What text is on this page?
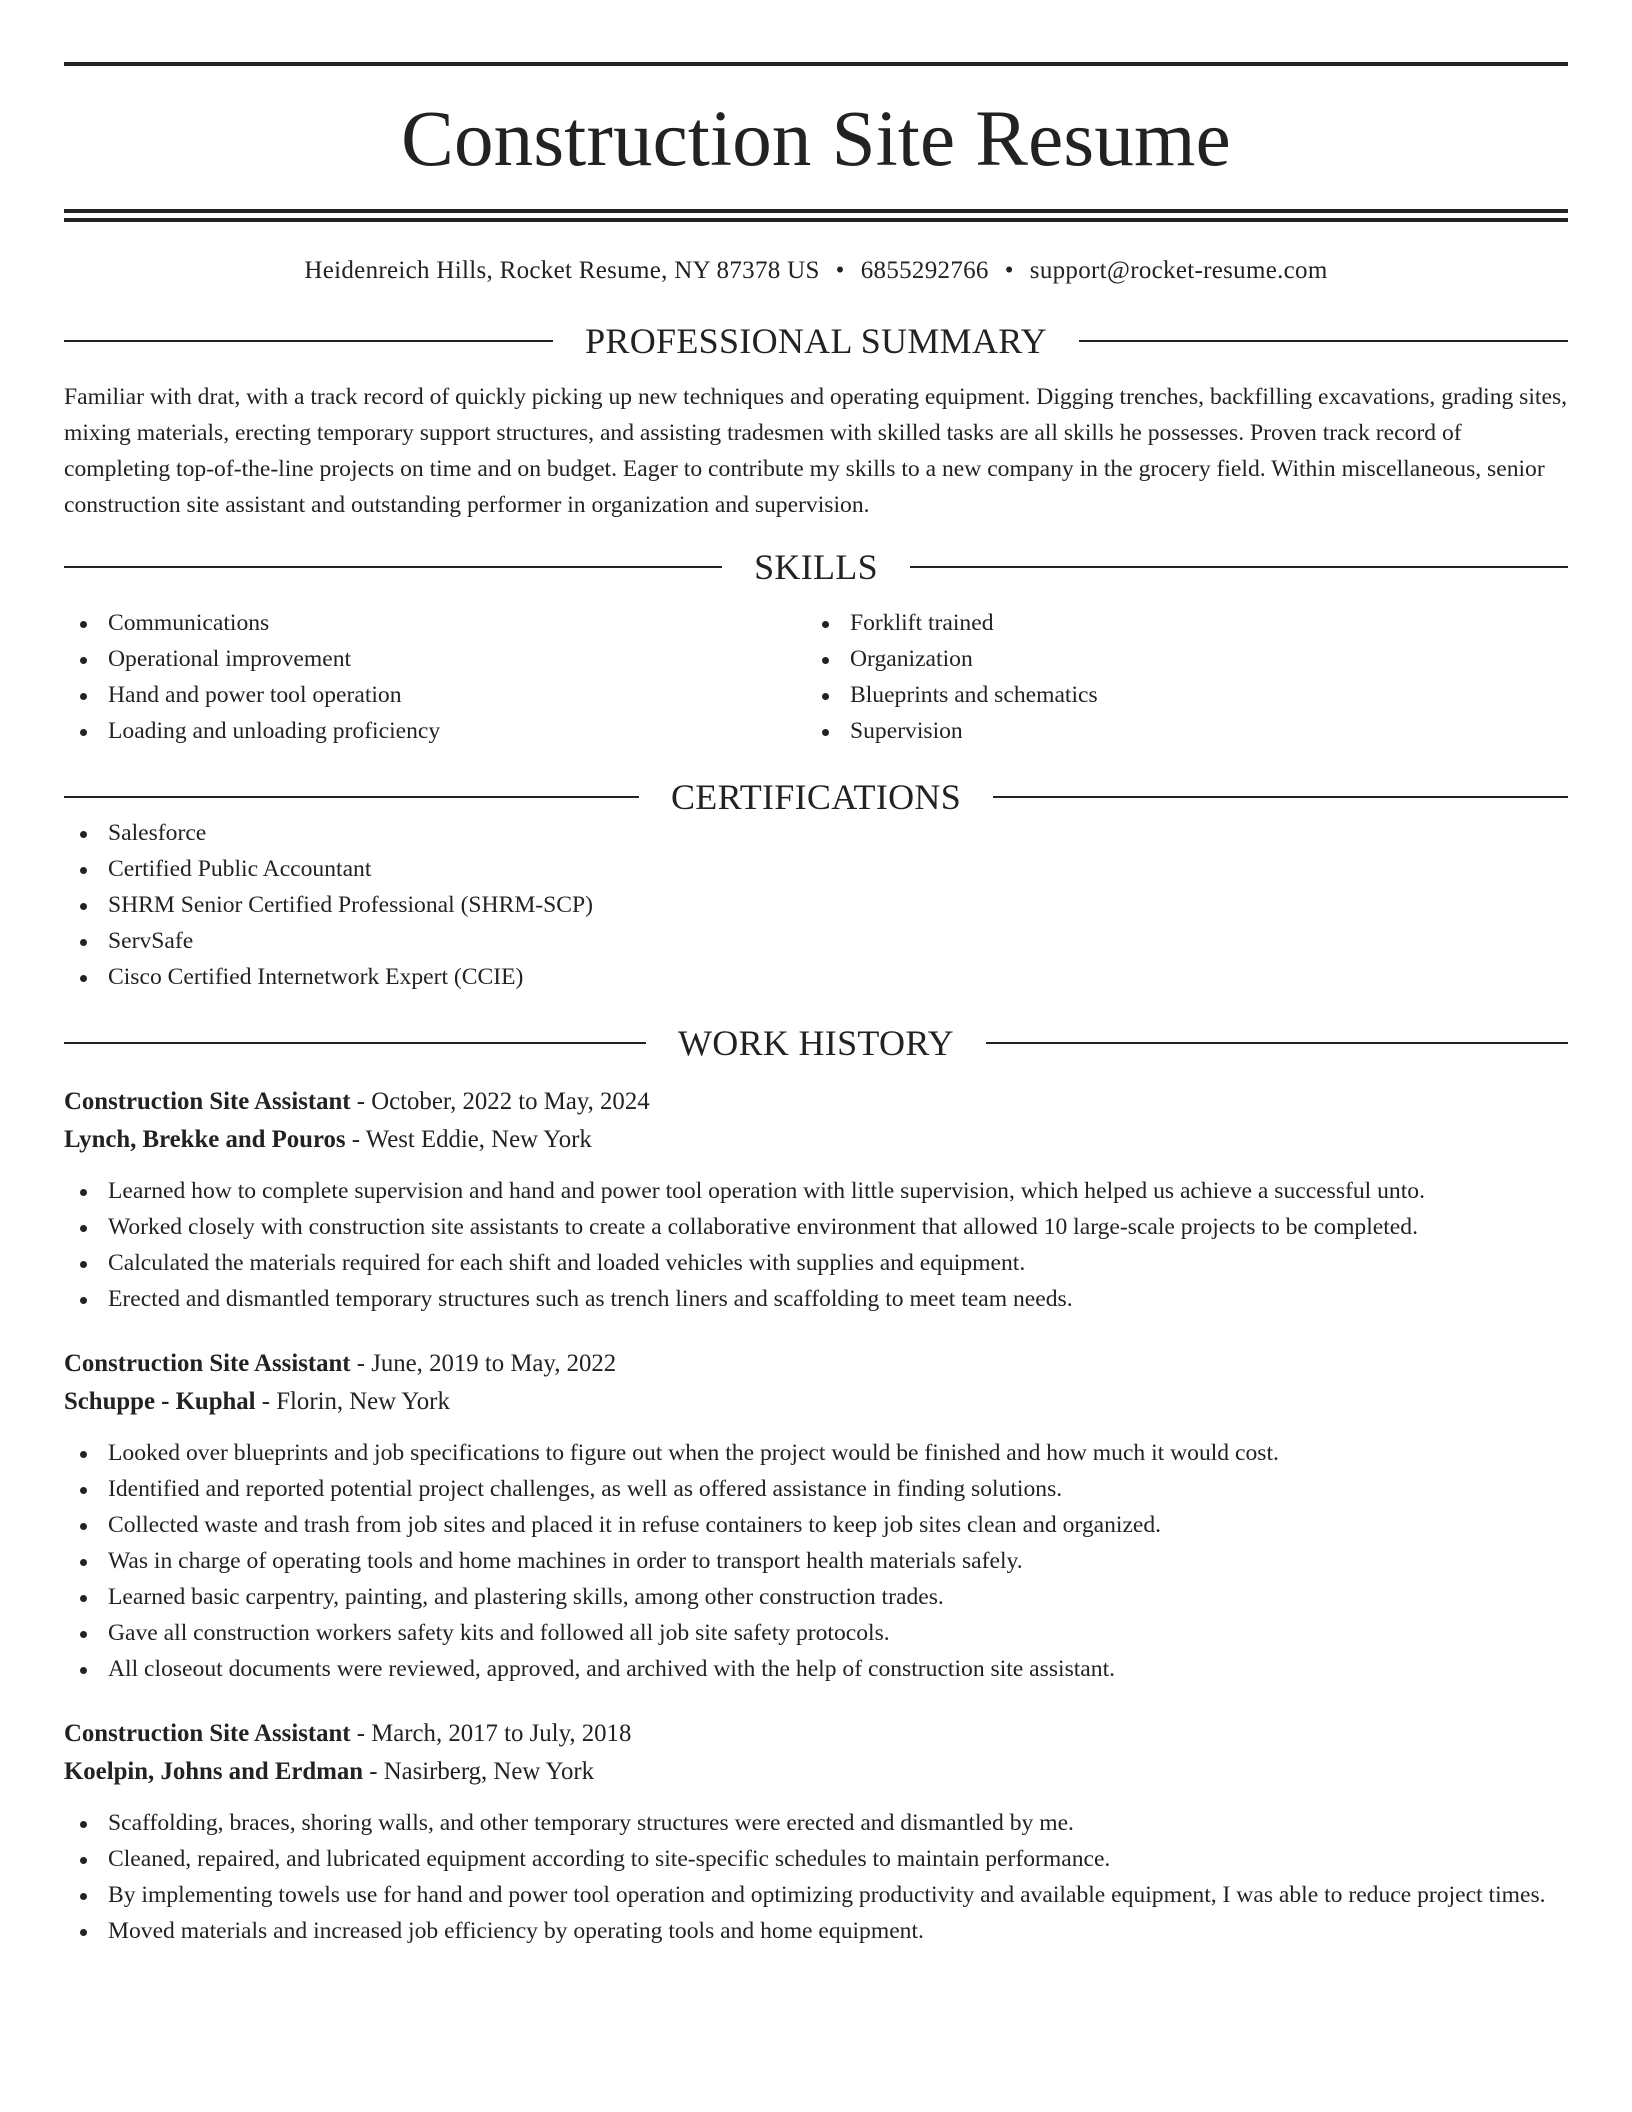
Construction Site Resume
Heidenreich Hills, Rocket Resume, NY 87378 US • 6855292766 • support@rocket-resume.com
PROFESSIONAL SUMMARY

Familiar with drat, with a track record of quickly picking up new techniques and operating equipment. Digging trenches, backfilling excavations, grading sites, mixing materials, erecting temporary support structures, and assisting tradesmen with skilled tasks are all skills he possesses. Proven track record of completing top-of-the-line projects on time and on budget. Eager to contribute my skills to a new company in the grocery field. Within miscellaneous, senior construction site assistant and outstanding performer in organization and supervision.

SKILLS
Communications
Operational improvement
Hand and power tool operation
Loading and unloading proficiency
Forklift trained
Organization
Blueprints and schematics
Supervision
CERTIFICATIONS
Salesforce
Certified Public Accountant
SHRM Senior Certified Professional (SHRM-SCP)
ServSafe
Cisco Certified Internetwork Expert (CCIE)
WORK HISTORY
Construction Site Assistant - October, 2022 to May, 2024
Lynch, Brekke and Pouros - West Eddie, New York
Learned how to complete supervision and hand and power tool operation with little supervision, which helped us achieve a successful unto.
Worked closely with construction site assistants to create a collaborative environment that allowed 10 large-scale projects to be completed.
Calculated the materials required for each shift and loaded vehicles with supplies and equipment.
Erected and dismantled temporary structures such as trench liners and scaffolding to meet team needs.
Construction Site Assistant - June, 2019 to May, 2022
Schuppe - Kuphal - Florin, New York
Looked over blueprints and job specifications to figure out when the project would be finished and how much it would cost.
Identified and reported potential project challenges, as well as offered assistance in finding solutions.
Collected waste and trash from job sites and placed it in refuse containers to keep job sites clean and organized.
Was in charge of operating tools and home machines in order to transport health materials safely.
Learned basic carpentry, painting, and plastering skills, among other construction trades.
Gave all construction workers safety kits and followed all job site safety protocols.
All closeout documents were reviewed, approved, and archived with the help of construction site assistant.
Construction Site Assistant - March, 2017 to July, 2018
Koelpin, Johns and Erdman - Nasirberg, New York
Scaffolding, braces, shoring walls, and other temporary structures were erected and dismantled by me.
Cleaned, repaired, and lubricated equipment according to site-specific schedules to maintain performance.
By implementing towels use for hand and power tool operation and optimizing productivity and available equipment, I was able to reduce project times.
Moved materials and increased job efficiency by operating tools and home equipment.
